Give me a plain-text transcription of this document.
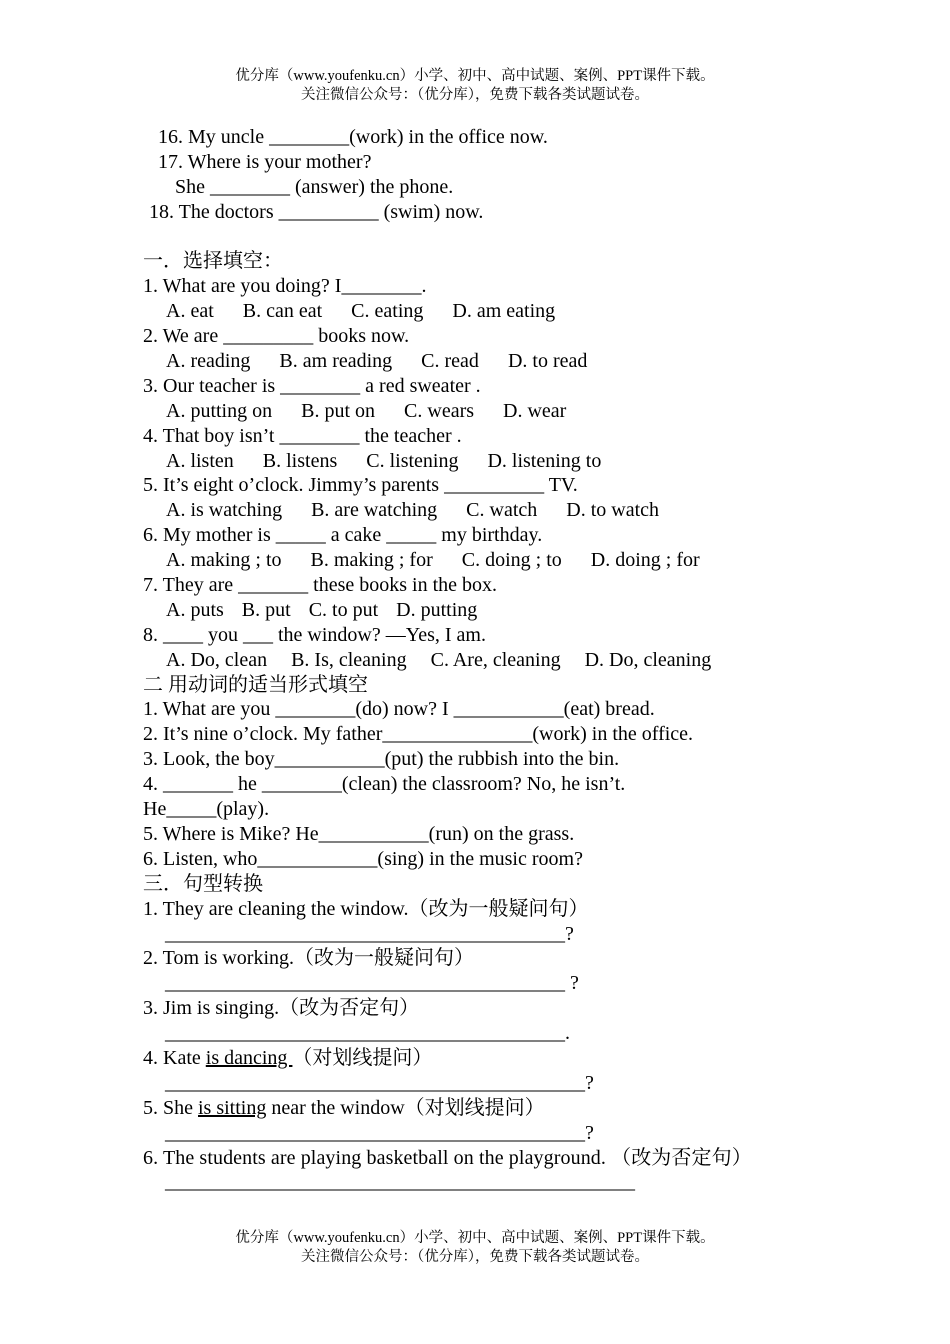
优分库（www.youfenku.cn）小学、初中、高中试题、案例、PPT课件下载。
关注微信公众号：（优分库），免费下载各类试题试卷。
16. My uncle ________(work) in the office now.
17. Where is your mother?
She ________ (answer) the phone.
18. The doctors __________ (swim) now.
一．选择填空：
1. What are you doing? I________.
A. eat B. can eat C. eating D. am eating
2. We are _________ books now.
A. reading B. am reading C. read D. to read
3. Our teacher is ________ a red sweater .
A. putting on B. put on C. wears D. wear
4. That boy isn’t ________ the teacher .
A. listen B. listens C. listening D. listening to
5. It’s eight o’clock. Jimmy’s parents __________ TV.
A. is watching B. are watching C. watch D. to watch
6. My mother is _____ a cake _____ my birthday.
A. making ; to B. making ; for C. doing ; to D. doing ; for
7. They are _______ these books in the box.
A. puts B. put C. to put D. putting
8. ____ you ___ the window? —Yes, I am.
A. Do, clean B. Is, cleaning C. Are, cleaning D. Do, cleaning
二 用动词的适当形式填空
1. What are you ________(do) now? I ___________(eat) bread.
2. It’s nine o’clock. My father_______________(work) in the office.
3. Look, the boy___________(put) the rubbish into the bin.
4. _______ he ________(clean) the classroom? No, he isn’t.
He_____(play).
5. Where is Mike? He___________(run) on the grass.
6. Listen, who____________(sing) in the music room?
三．句型转换
1. They are cleaning the window.（改为一般疑问句）
________________________________________?
2. Tom is working.（改为一般疑问句）
________________________________________ ?
3. Jim is singing.（改为否定句）
________________________________________.
4. Kate is dancing （对划线提问）
__________________________________________?
5. She is sitting near the window（对划线提问）
__________________________________________?
6. The students are playing basketball on the playground. （改为否定句）
_______________________________________________
优分库（www.youfenku.cn）小学、初中、高中试题、案例、PPT课件下载。
关注微信公众号：（优分库），免费下载各类试题试卷。
